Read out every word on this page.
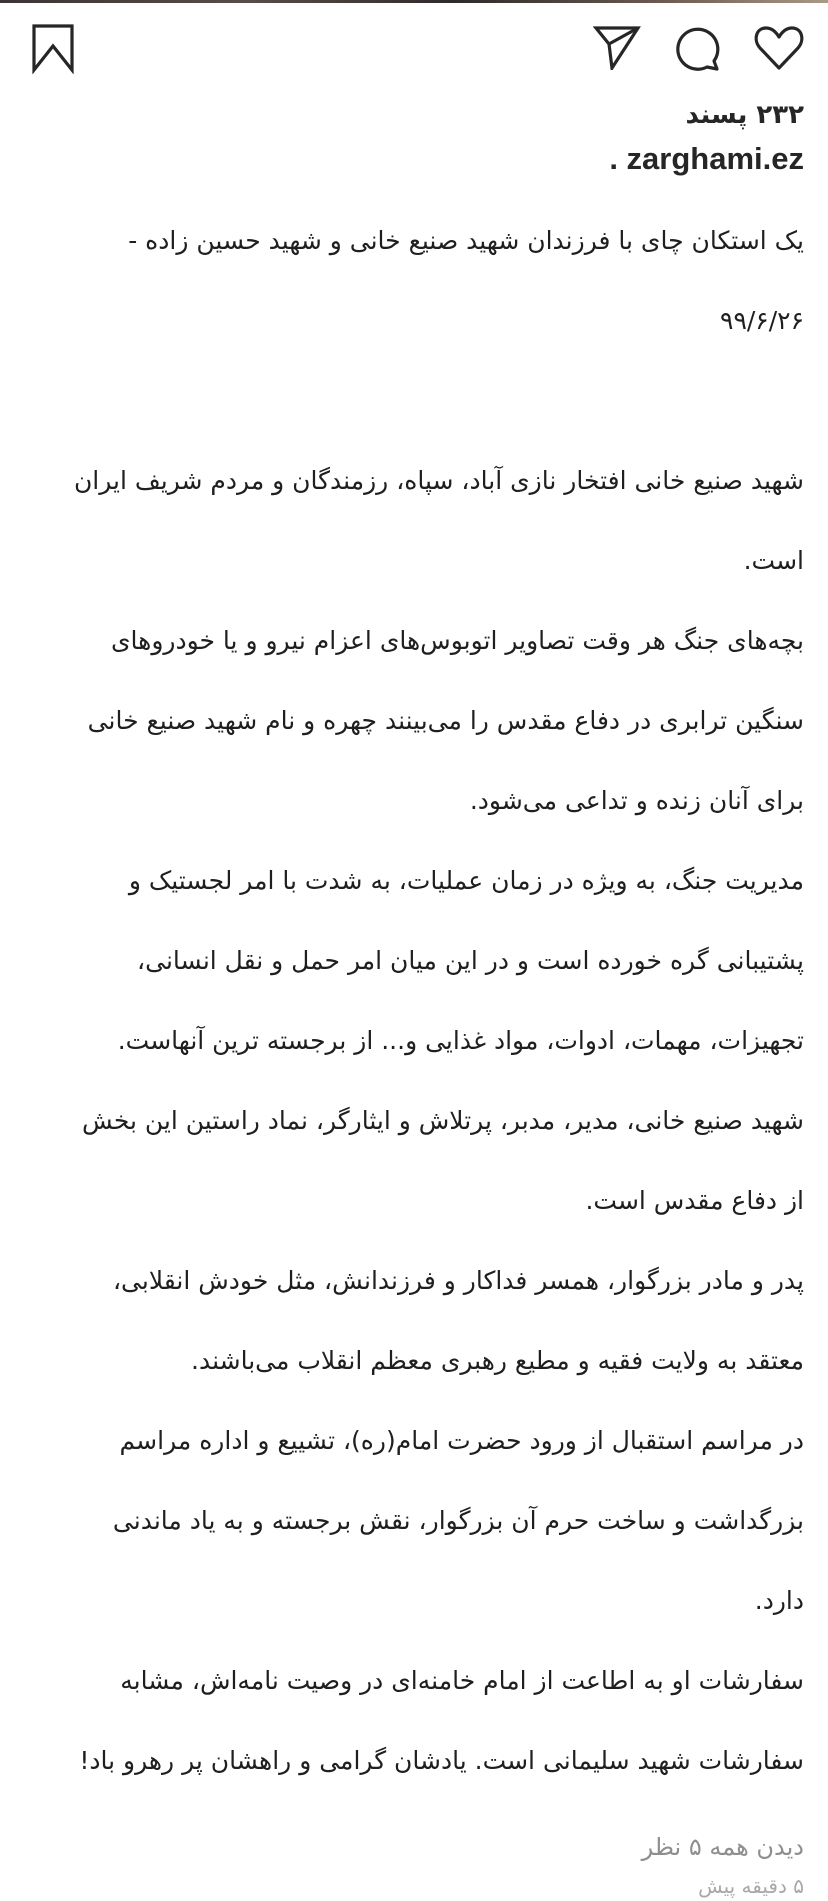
۲۳۲ پسند
. zarghami.ez

یک استکان چای با فرزندان شهید صنیع خانی و شهید حسین زاده -

۹۹/۶/۲۶

شهید صنیع خانی افتخار نازی آباد، سپاه، رزمندگان و مردم شریف ایران

است.

بچه‌های جنگ هر وقت تصاویر اتوبوس‌های اعزام نیرو و یا خودروهای

سنگین ترابری در دفاع مقدس را می‌بینند چهره و نام شهید صنیع خانی

برای آنان زنده و تداعی می‌شود.

مدیریت جنگ، به ویژه در زمان عملیات، به شدت با امر لجستیک و

پشتیبانی گره خورده است و در این میان امر حمل و نقل انسانی،

تجهیزات، مهمات، ادوات، مواد غذایی و... از برجسته ترین آنهاست.

شهید صنیع خانی، مدیر، مدبر، پرتلاش و ایثارگر، نماد راستین این بخش

از دفاع مقدس است.

پدر و مادر بزرگوار، همسر فداکار و فرزندانش، مثل خودش انقلابی،

معتقد به ولایت فقیه و مطیع رهبری معظم انقلاب می‌باشند.

در مراسم استقبال از ورود حضرت امام(ره)، تشییع و اداره مراسم

بزرگداشت و ساخت حرم آن بزرگوار، نقش برجسته و به یاد ماندنی

دارد.

سفارشات او به اطاعت از امام خامنه‌ای در وصیت نامه‌اش، مشابه

سفارشات شهید سلیمانی است. یادشان گرامی و راهشان پر رهرو باد!

دیدن همه ۵ نظر
۵ دقیقه پیش
